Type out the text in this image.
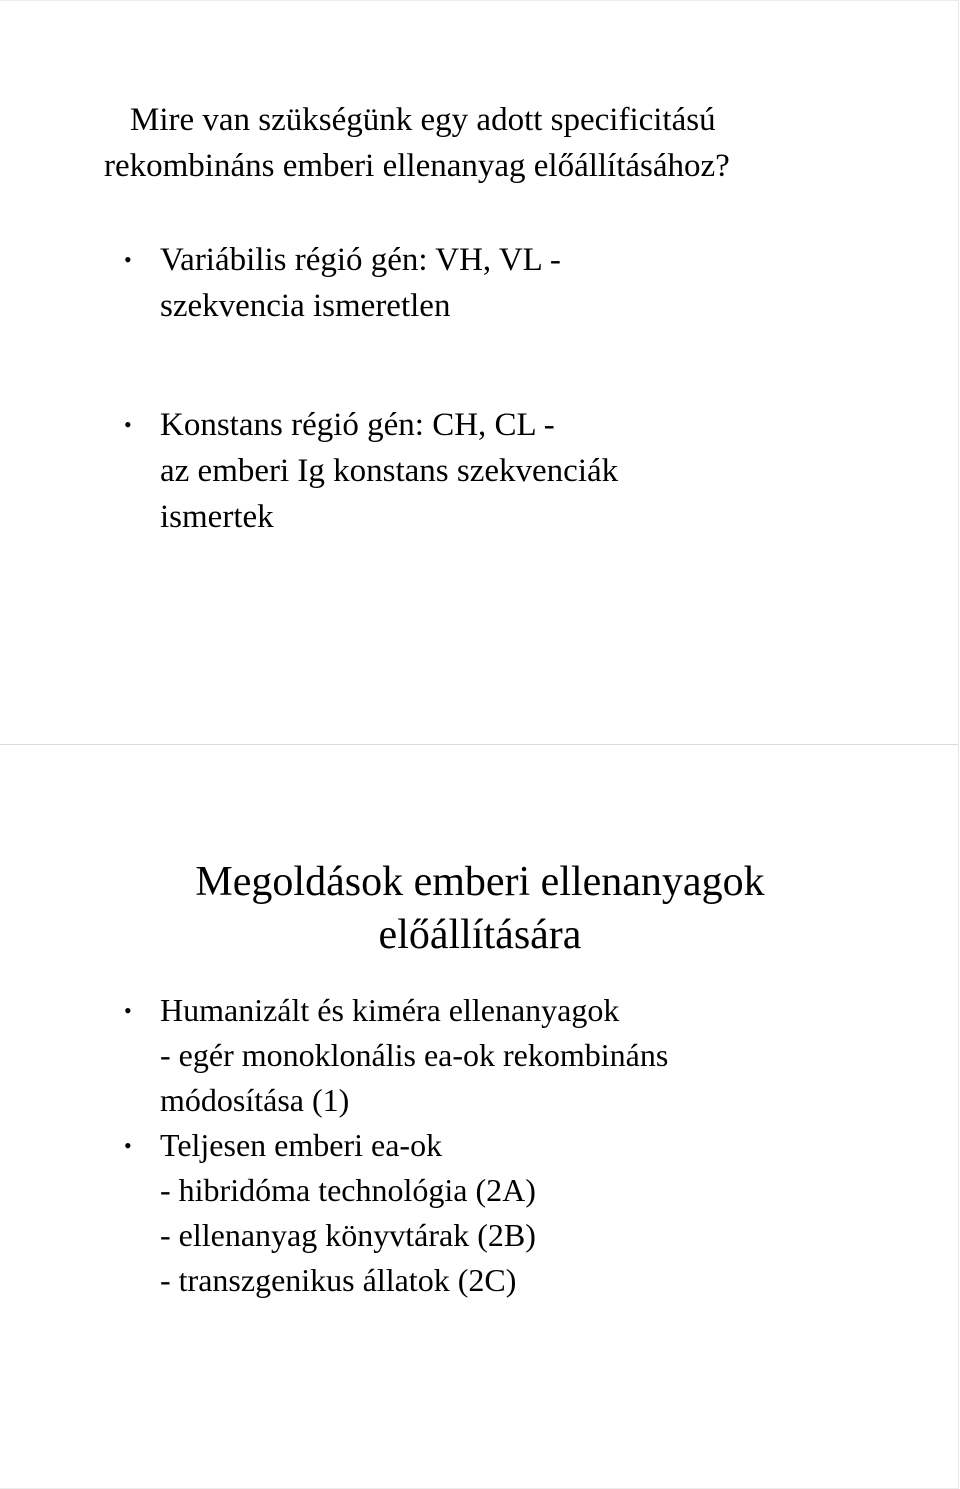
Mire van szükségünk egy adott specificitású
rekombináns emberi ellenanyag előállításához?
• Variábilis régió gén: VH, VL -
szekvencia ismeretlen
• Konstans régió gén: CH, CL -
az emberi Ig konstans szekvenciák
ismertek
Megoldások emberi ellenanyagok
előállítására
• Humanizált és kiméra ellenanyagok
- egér monoklonális ea-ok rekombináns
módosítása (1)
• Teljesen emberi ea-ok
- hibridóma technológia (2A)
- ellenanyag könyvtárak (2B)
- transzgenikus állatok (2C)
